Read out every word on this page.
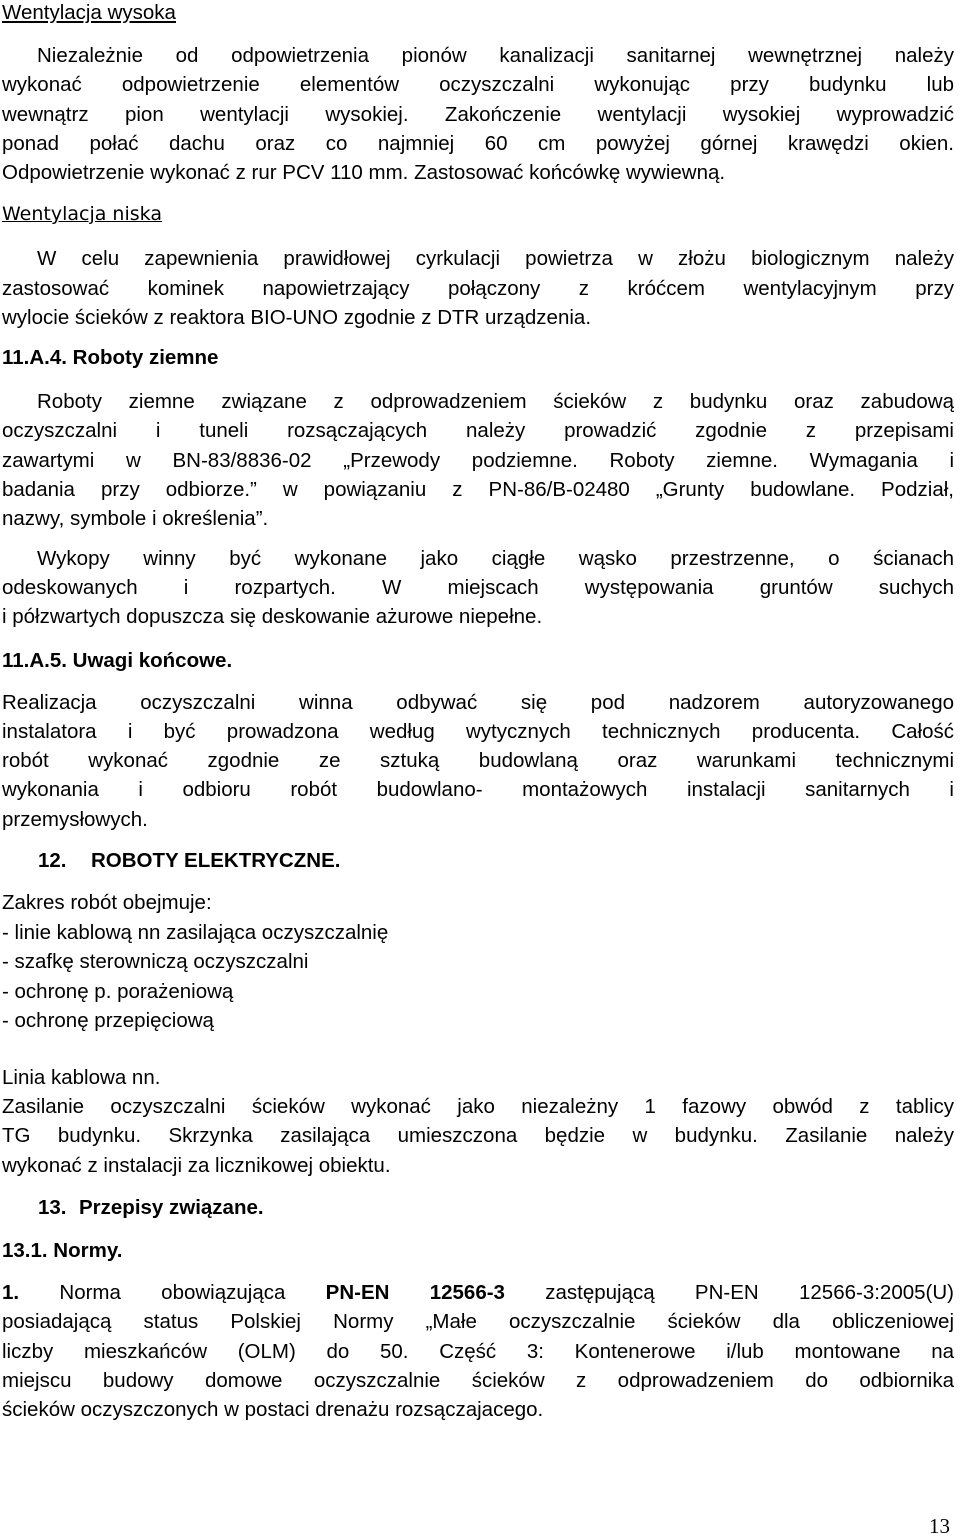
Wentylacja wysoka
Niezależnie od odpowietrzenia pionów kanalizacji sanitarnej wewnętrznej należy
wykonać odpowietrzenie elementów oczyszczalni wykonując przy budynku lub
wewnątrz pion wentylacji wysokiej. Zakończenie wentylacji wysokiej wyprowadzić
ponad połać dachu oraz co najmniej 60 cm powyżej górnej krawędzi okien.
Odpowietrzenie wykonać z rur PCV 110 mm. Zastosować końcówkę wywiewną.
Wentylacja niska
W celu zapewnienia prawidłowej cyrkulacji powietrza w złożu biologicznym należy
zastosować kominek napowietrzający połączony z króćcem wentylacyjnym przy
wylocie ścieków z reaktora BIO-UNO zgodnie z DTR urządzenia.
11.A.4. Roboty ziemne
Roboty ziemne związane z odprowadzeniem ścieków z budynku oraz zabudową
oczyszczalni i tuneli rozsączających należy prowadzić zgodnie z przepisami
zawartymi w BN-83/8836-02 „Przewody podziemne. Roboty ziemne. Wymagania i
badania przy odbiorze.” w powiązaniu z PN-86/B-02480 „Grunty budowlane. Podział,
nazwy, symbole i określenia”.
Wykopy winny być wykonane jako ciągłe wąsko przestrzenne, o ścianach
odeskowanych i rozpartych. W miejscach występowania gruntów suchych
i półzwartych dopuszcza się deskowanie ażurowe niepełne.
11.A.5. Uwagi końcowe.
Realizacja oczyszczalni winna odbywać się pod nadzorem autoryzowanego
instalatora i być prowadzona według wytycznych technicznych producenta. Całość
robót wykonać zgodnie ze sztuką budowlaną oraz warunkami technicznymi
wykonania i odbioru robót budowlano- montażowych instalacji sanitarnych i
przemysłowych.
12. ROBOTY ELEKTRYCZNE.
Zakres robót obejmuje:
- linie kablową nn zasilająca oczyszczalnię
- szafkę sterowniczą oczyszczalni
- ochronę p. porażeniową
- ochronę przepięciową
Linia kablowa nn.
Zasilanie oczyszczalni ścieków wykonać jako niezależny 1 fazowy obwód z tablicy
TG budynku. Skrzynka zasilająca umieszczona będzie w budynku. Zasilanie należy
wykonać z instalacji za licznikowej obiektu.
13. Przepisy związane.
13.1. Normy.
1. Norma obowiązująca PN-EN 12566-3 zastępującą PN-EN 12566-3:2005(U)
posiadającą status Polskiej Normy „Małe oczyszczalnie ścieków dla obliczeniowej
liczby mieszkańców (OLM) do 50. Część 3: Kontenerowe i/lub montowane na
miejscu budowy domowe oczyszczalnie ścieków z odprowadzeniem do odbiornika
ścieków oczyszczonych w postaci drenażu rozsączajacego.
13
